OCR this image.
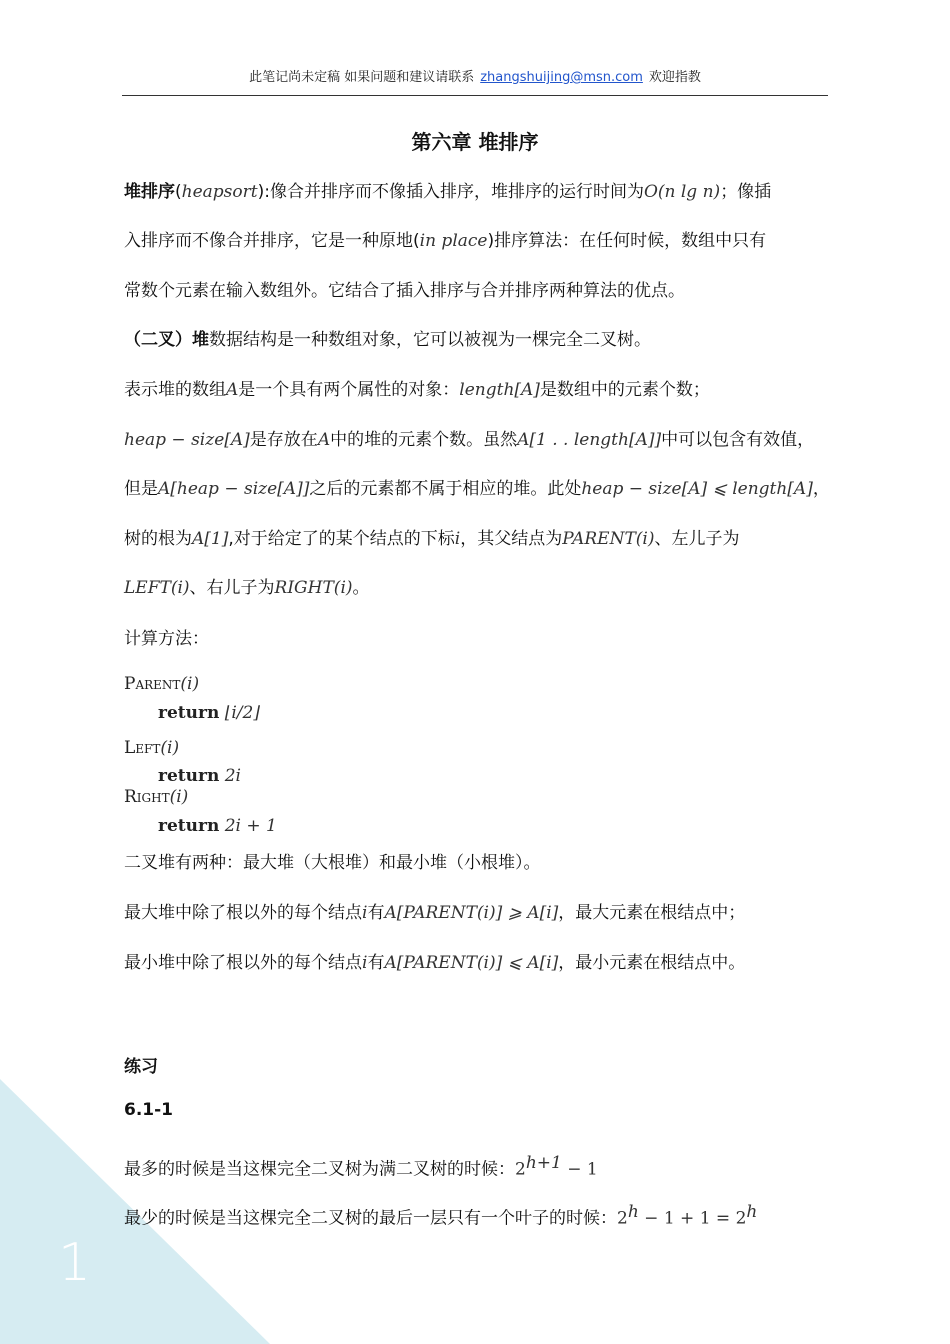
1
此笔记尚未定稿 如果问题和建议请联系 zhangshuijing@msn.com 欢迎指教
第六章 堆排序
堆排序(heapsort):像合并排序而不像插入排序，堆排序的运行时间为O(n lg n)；像插
入排序而不像合并排序，它是一种原地(in place)排序算法：在任何时候，数组中只有
常数个元素在输入数组外。它结合了插入排序与合并排序两种算法的优点。
（二叉）堆数据结构是一种数组对象，它可以被视为一棵完全二叉树。
表示堆的数组A是一个具有两个属性的对象：length[A]是数组中的元素个数；
heap − size[A]是存放在A中的堆的元素个数。虽然A[1 . . length[A]]中可以包含有效值，
但是A[heap − size[A]]之后的元素都不属于相应的堆。此处heap − size[A] ⩽ length[A]，
树的根为A[1],对于给定了的某个结点的下标i，其父结点为PARENT(i)、左儿子为
LEFT(i)、右儿子为RIGHT(i)。
计算方法：
Parent(i)
return ⌊i/2⌋
Left(i)
return 2i
Right(i)
return 2i + 1
二叉堆有两种：最大堆（大根堆）和最小堆（小根堆）。
最大堆中除了根以外的每个结点i有A[PARENT(i)] ⩾ A[i]，最大元素在根结点中；
最小堆中除了根以外的每个结点i有A[PARENT(i)] ⩽ A[i]，最小元素在根结点中。
练习
6.1-1
最多的时候是当这棵完全二叉树为满二叉树的时候：$2^{h+1} - 1$
最少的时候是当这棵完全二叉树的最后一层只有一个叶子的时候：$2^h - 1 + 1 = 2^h$
